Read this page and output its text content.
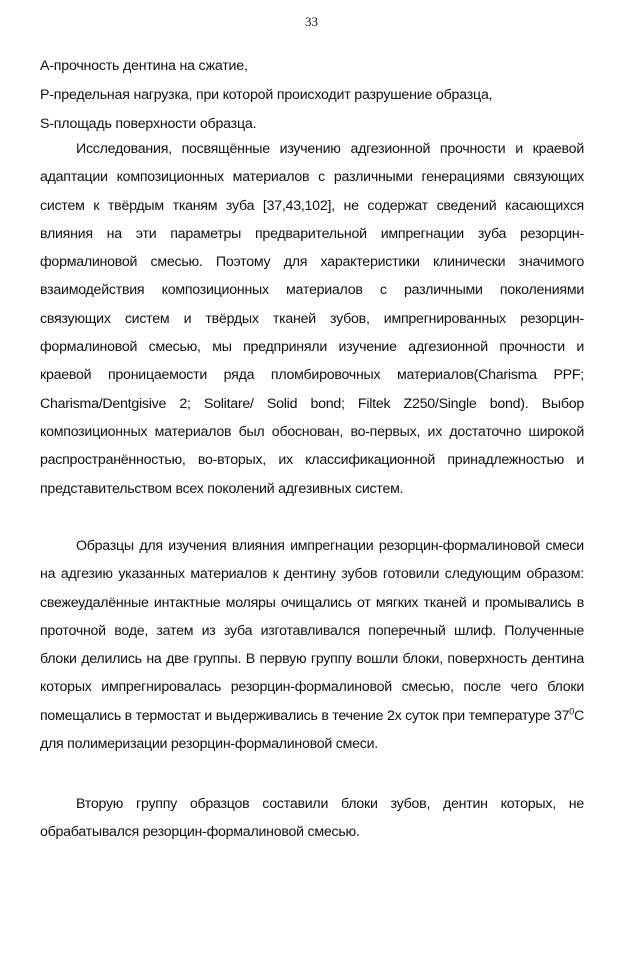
33
А-прочность дентина на сжатие,
Р-предельная нагрузка, при которой происходит разрушение образца,
S-площадь поверхности образца.
Исследования, посвящённые изучению адгезионной прочности и краевой адаптации композиционных материалов с различными генерациями связующих систем к твёрдым тканям зуба [37,43,102], не содержат сведений касающихся влияния на эти параметры предварительной импрегнации зуба резорцин-формалиновой смесью. Поэтому для характеристики клинически значимого взаимодействия композиционных материалов с различными поколениями связующих систем и твёрдых тканей зубов, импрегнированных резорцин-формалиновой смесью, мы предприняли изучение адгезионной прочности и краевой проницаемости ряда пломбировочных материалов(Charisma PPF; Charisma/Dentgisive 2; Solitare/ Solid bond; Filtek Z250/Single bond). Выбор композиционных материалов был обоснован, во-первых, их достаточно широкой распространённостью, во-вторых, их классификационной принадлежностью и представительством всех поколений адгезивных систем.
Образцы для изучения влияния импрегнации резорцин-формалиновой смеси на адгезию указанных материалов к дентину зубов готовили следующим образом: свежеудалённые интактные моляры очищались от мягких тканей и промывались в проточной воде, затем из зуба изготавливался поперечный шлиф. Полученные блоки делились на две группы. В первую группу вошли блоки, поверхность дентина которых импрегнировалась резорцин-формалиновой смесью, после чего блоки помещались в термостат и выдерживались в течение 2х суток при температуре $37^0С$ для полимеризации резорцин-формалиновой смеси.
Вторую группу образцов составили блоки зубов, дентин которых, не обрабатывался резорцин-формалиновой смесью.
